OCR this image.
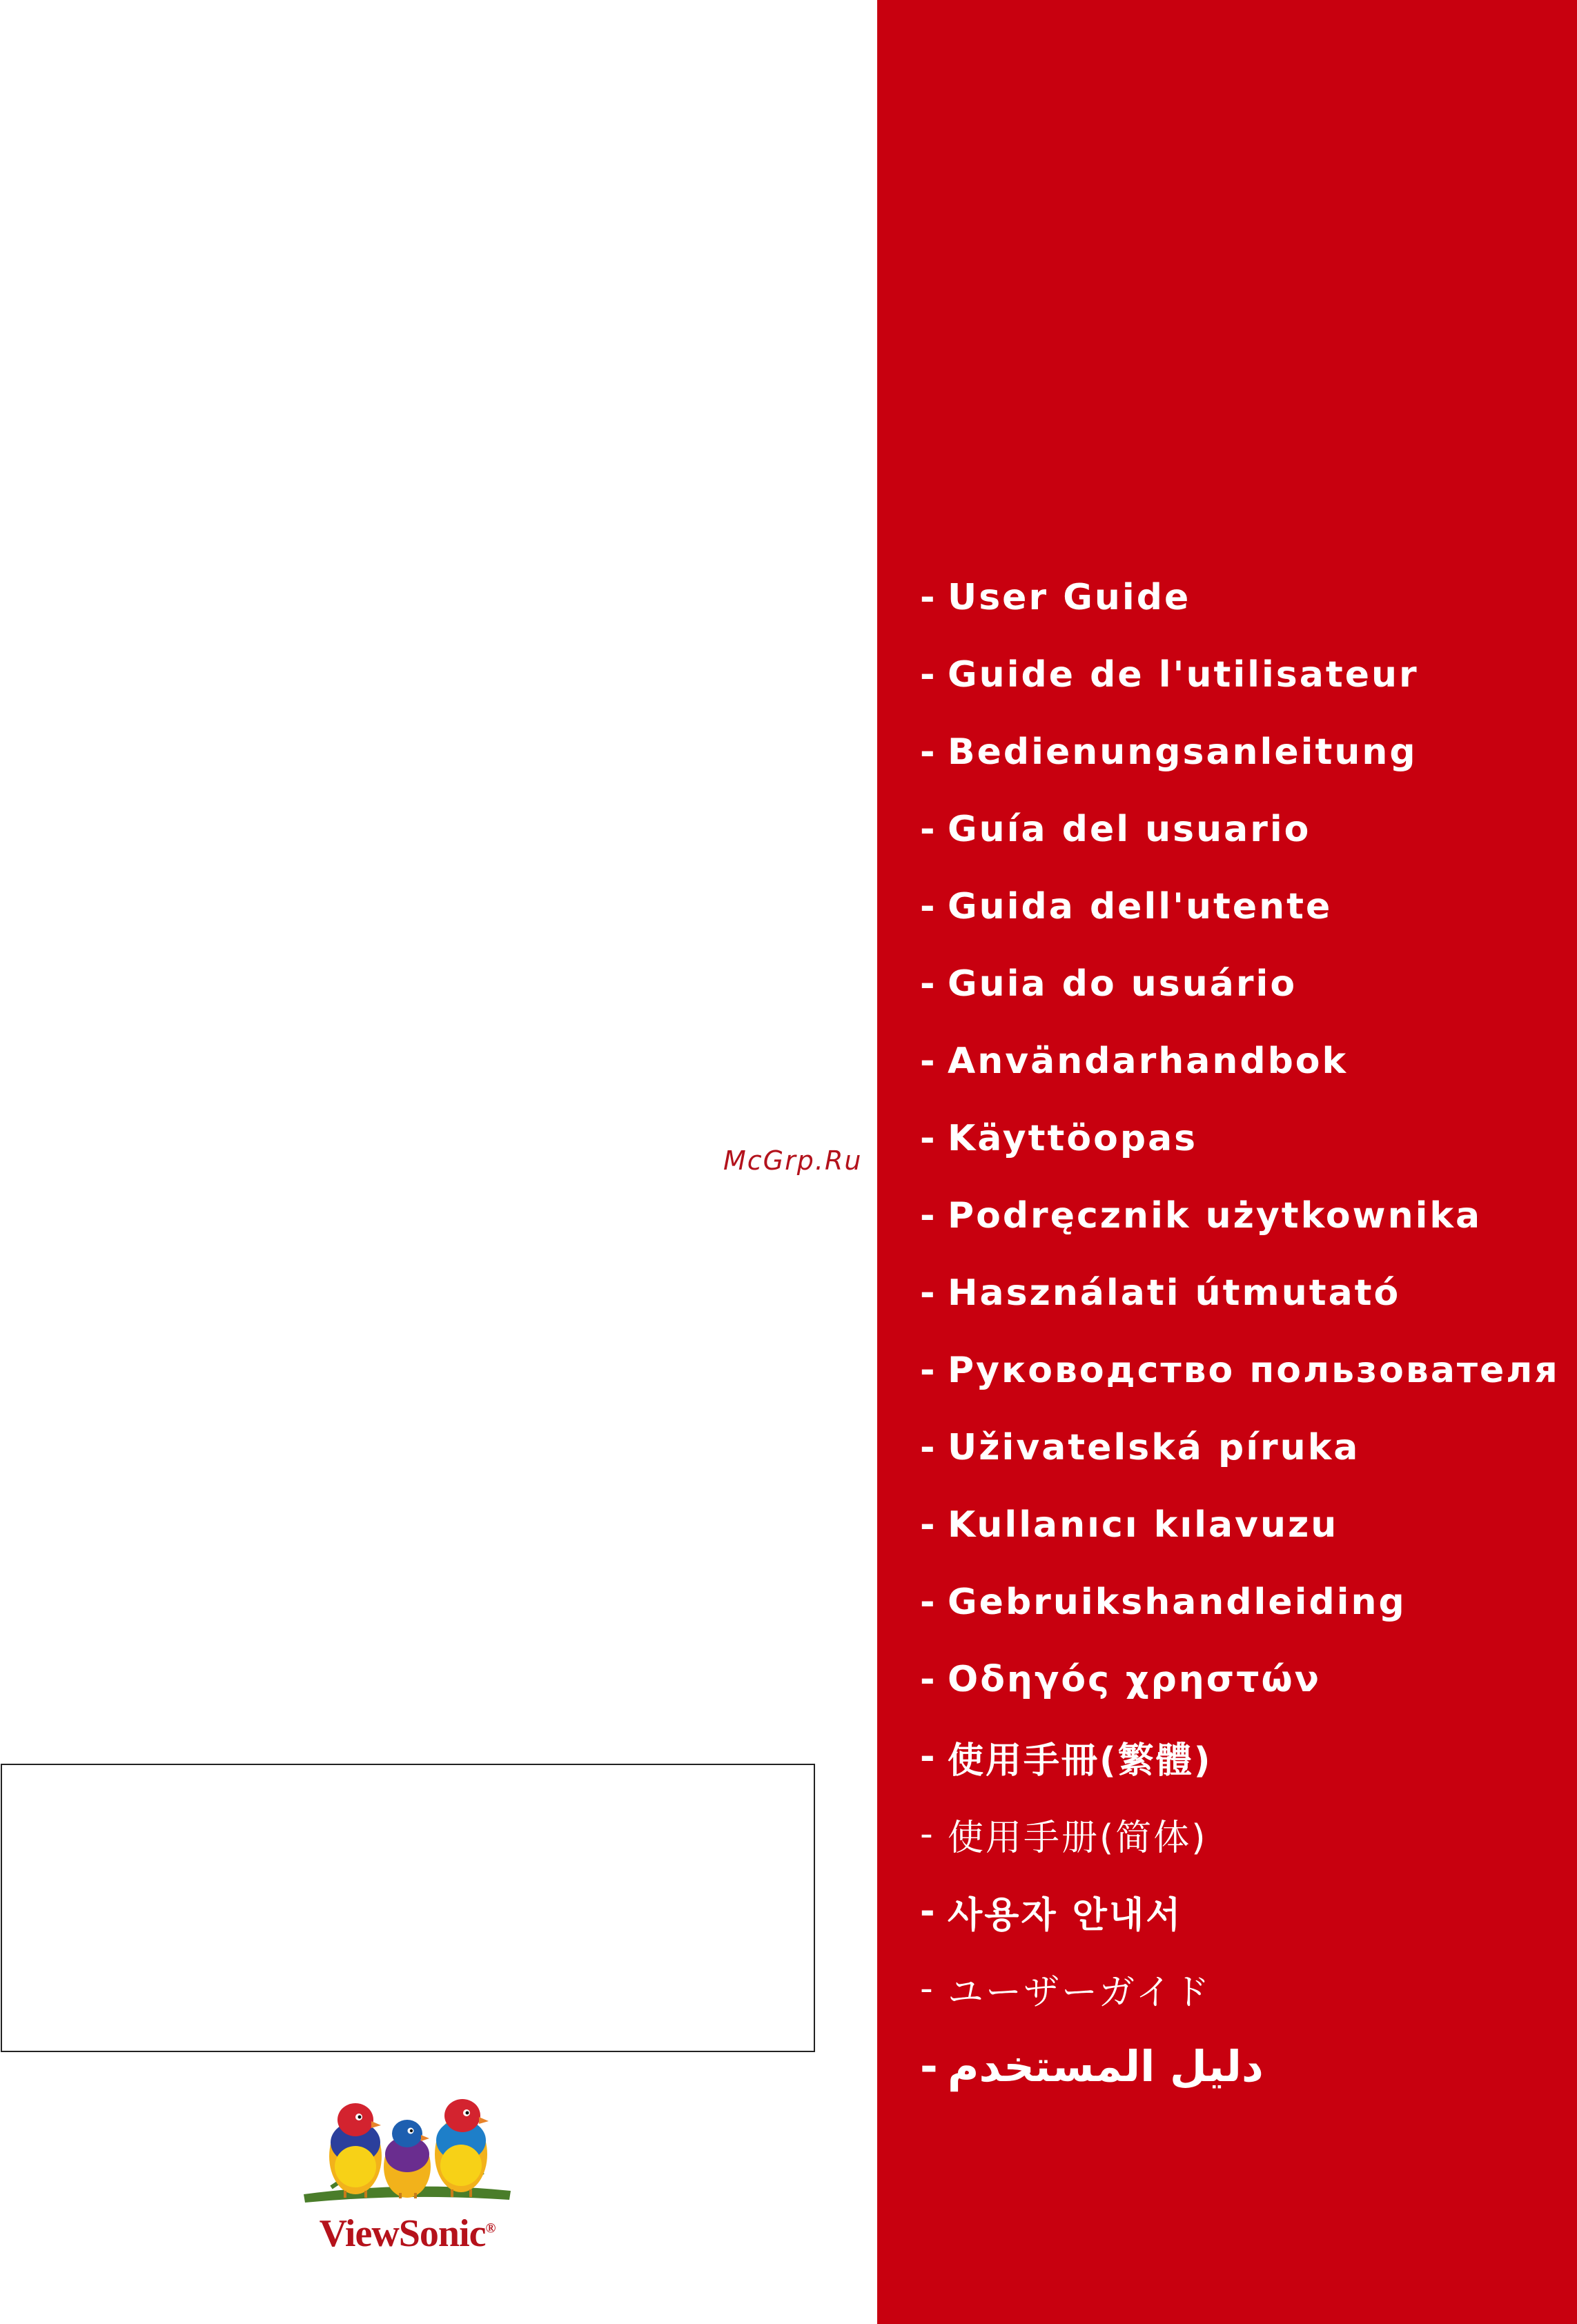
McGrp.Ru
- User Guide
- Guide de l'utilisateur
- Bedienungsanleitung
- Guía del usuario
- Guida dell'utente
- Guia do usuário
- Användarhandbok
- Käyttöopas
- Podręcznik użytkownika
- Használati útmutató
- Руководство пользователя
- Uživatelská píruka
- Kullanıcı kılavuzu
- Gebruikshandleiding
- Οδηγός χρηστών
- 使用手冊(繁體)
- 使用手册(简体)
- 사용자 안내서
- ユーザーガイド
- دليل المستخدم
ViewSonic®
